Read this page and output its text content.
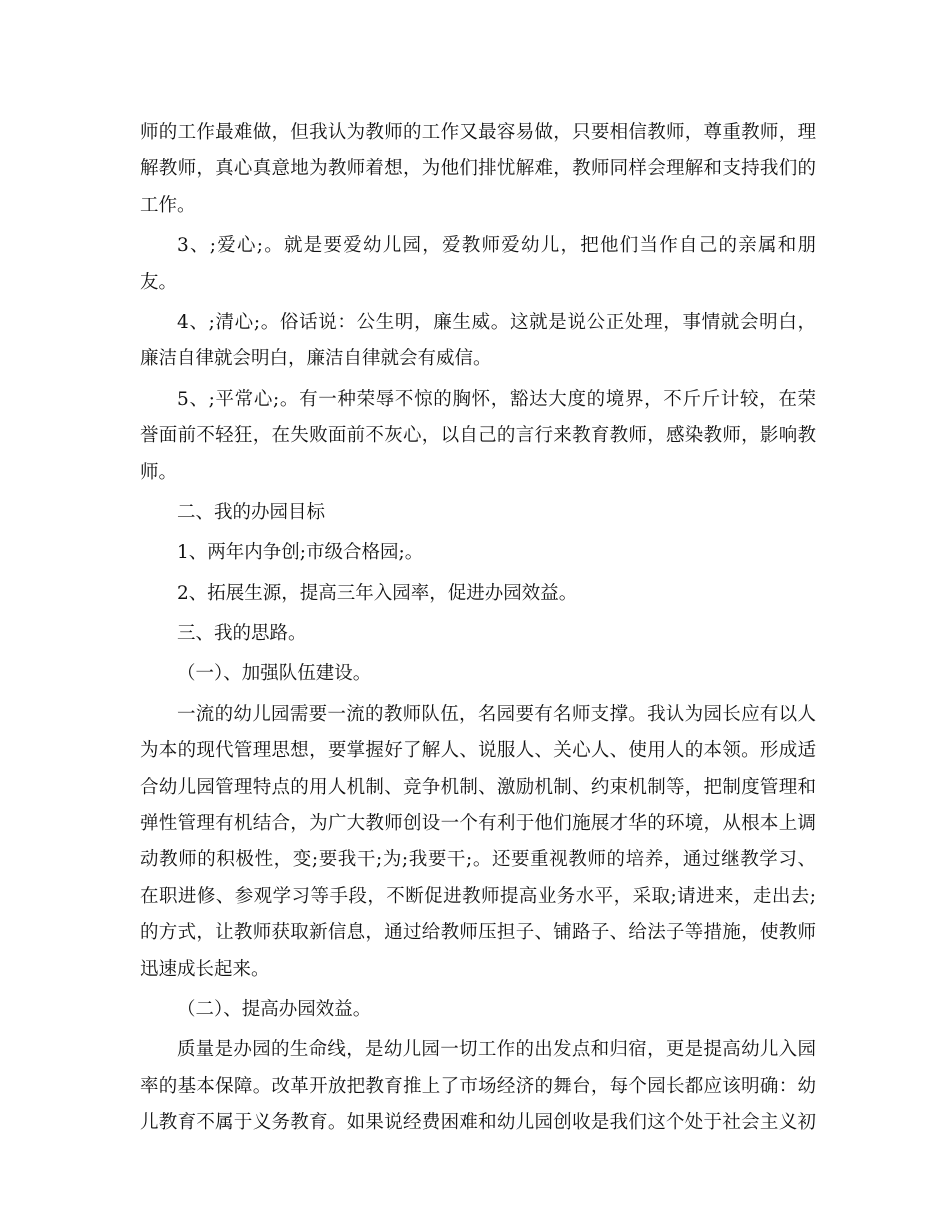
师的工作最难做，但我认为教师的工作又最容易做，只要相信教师，尊重教师，理
解教师，真心真意地为教师着想，为他们排忧解难，教师同样会理解和支持我们的
工作。
3、;爱心;。就是要爱幼儿园，爱教师爱幼儿，把他们当作自己的亲属和朋
友。
4、;清心;。俗话说：公生明，廉生威。这就是说公正处理，事情就会明白，
廉洁自律就会明白，廉洁自律就会有威信。
5、;平常心;。有一种荣辱不惊的胸怀，豁达大度的境界，不斤斤计较，在荣
誉面前不轻狂，在失败面前不灰心，以自己的言行来教育教师，感染教师，影响教
师。
二、我的办园目标
1、两年内争创;市级合格园;。
2、拓展生源，提高三年入园率，促进办园效益。
三、我的思路。
（一）、加强队伍建设。
一流的幼儿园需要一流的教师队伍，名园要有名师支撑。我认为园长应有以人
为本的现代管理思想，要掌握好了解人、说服人、关心人、使用人的本领。形成适
合幼儿园管理特点的用人机制、竞争机制、激励机制、约束机制等，把制度管理和
弹性管理有机结合，为广大教师创设一个有利于他们施展才华的环境，从根本上调
动教师的积极性，变;要我干;为;我要干;。还要重视教师的培养，通过继教学习、
在职进修、参观学习等手段，不断促进教师提高业务水平，采取;请进来，走出去;
的方式，让教师获取新信息，通过给教师压担子、铺路子、给法子等措施，使教师
迅速成长起来。
（二）、提高办园效益。
质量是办园的生命线，是幼儿园一切工作的出发点和归宿，更是提高幼儿入园
率的基本保障。改革开放把教育推上了市场经济的舞台，每个园长都应该明确：幼
儿教育不属于义务教育。如果说经费困难和幼儿园创收是我们这个处于社会主义初
